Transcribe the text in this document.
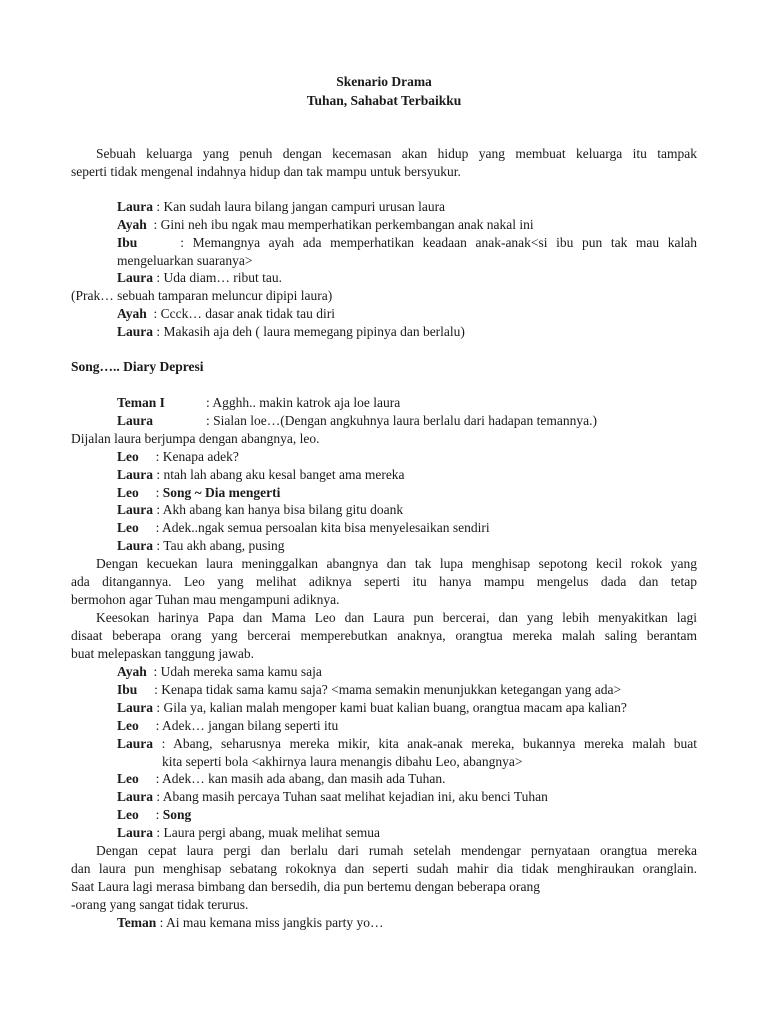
Skenario Drama
Tuhan, Sahabat Terbaikku
Sebuah keluarga yang penuh dengan kecemasan akan hidup yang membuat keluarga itu tampak
seperti tidak mengenal indahnya hidup dan tak mampu untuk bersyukur.
Laura : Kan sudah laura bilang jangan campuri urusan laura
Ayah  : Gini neh ibu ngak mau memperhatikan perkembangan anak nakal ini
Ibu     : Memangnya ayah ada memperhatikan keadaan anak-anak<si ibu pun tak mau kalah
mengeluarkan suaranya>
Laura : Uda diam… ribut tau.
(Prak… sebuah tamparan meluncur dipipi laura)
Ayah  : Ccck… dasar anak tidak tau diri
Laura : Makasih aja deh ( laura memegang pipinya dan berlalu)
Song….. Diary Depresi
Teman I	: Agghh.. makin katrok aja loe laura
Laura	: Sialan loe…(Dengan angkuhnya laura berlalu dari hadapan temannya.)
Dijalan laura berjumpa dengan abangnya, leo.
Leo     : Kenapa adek?
Laura : ntah lah abang aku kesal banget ama mereka
Leo     : Song ~ Dia mengerti
Laura : Akh abang kan hanya bisa bilang gitu doank
Leo     : Adek..ngak semua persoalan kita bisa menyelesaikan sendiri
Laura : Tau akh abang, pusing
Dengan kecuekan laura meninggalkan abangnya dan tak lupa menghisap sepotong kecil rokok yang
ada ditangannya. Leo yang melihat adiknya seperti itu hanya mampu mengelus dada dan tetap
bermohon agar Tuhan mau mengampuni adiknya.
Keesokan harinya Papa dan Mama Leo dan Laura pun bercerai, dan yang lebih menyakitkan lagi
disaat beberapa orang yang bercerai memperebutkan anaknya, orangtua mereka malah saling berantam
buat melepaskan tanggung jawab.
Ayah  : Udah mereka sama kamu saja
Ibu     : Kenapa tidak sama kamu saja? <mama semakin menunjukkan ketegangan yang ada>
Laura : Gila ya, kalian malah mengoper kami buat kalian buang, orangtua macam apa kalian?
Leo     : Adek… jangan bilang seperti itu
Laura : Abang, seharusnya mereka mikir, kita anak-anak mereka, bukannya mereka malah buat
kita seperti bola <akhirnya laura menangis dibahu Leo, abangnya>
Leo     : Adek… kan masih ada abang, dan masih ada Tuhan.
Laura : Abang masih percaya Tuhan saat melihat kejadian ini, aku benci Tuhan
Leo     : Song
Laura : Laura pergi abang, muak melihat semua
Dengan cepat laura pergi dan berlalu dari rumah setelah mendengar pernyataan orangtua mereka
dan laura pun menghisap sebatang rokoknya dan seperti sudah mahir dia tidak menghiraukan oranglain.
Saat Laura lagi merasa bimbang dan bersedih, dia pun bertemu dengan beberapa orang
-orang yang sangat tidak terurus.
Teman : Ai mau kemana miss jangkis party yo…
